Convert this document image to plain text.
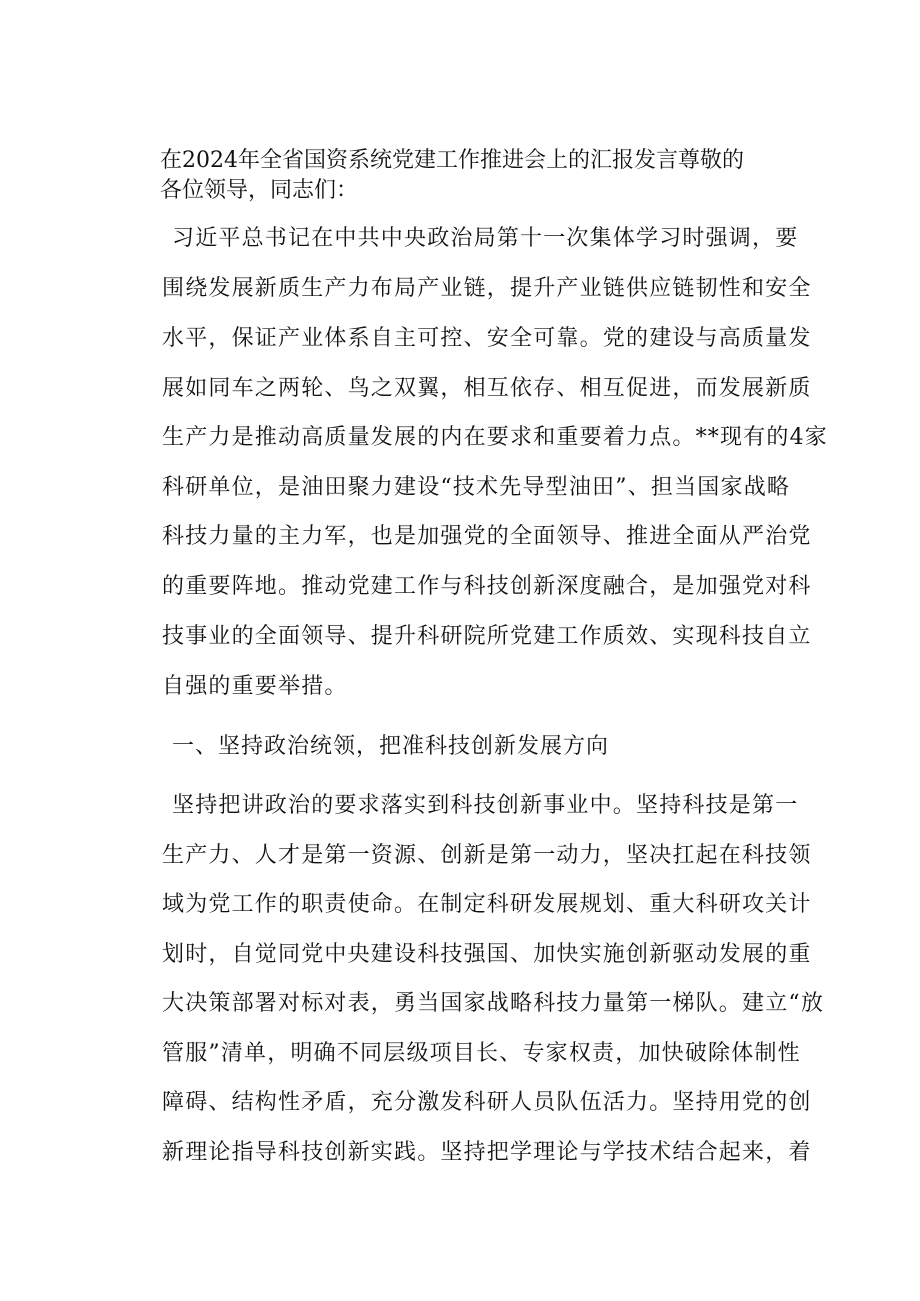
在2024年全省国资系统党建工作推进会上的汇报发言尊敬的
各位领导，同志们：
习近平总书记在中共中央政治局第十一次集体学习时强调，要
围绕发展新质生产力布局产业链，提升产业链供应链韧性和安全
水平，保证产业体系自主可控、安全可靠。党的建设与高质量发
展如同车之两轮、鸟之双翼，相互依存、相互促进，而发展新质
生产力是推动高质量发展的内在要求和重要着力点。**现有的4家
科研单位，是油田聚力建设“技术先导型油田”、担当国家战略
科技力量的主力军，也是加强党的全面领导、推进全面从严治党
的重要阵地。推动党建工作与科技创新深度融合，是加强党对科
技事业的全面领导、提升科研院所党建工作质效、实现科技自立
自强的重要举措。
一、坚持政治统领，把准科技创新发展方向
坚持把讲政治的要求落实到科技创新事业中。坚持科技是第一
生产力、人才是第一资源、创新是第一动力，坚决扛起在科技领
域为党工作的职责使命。在制定科研发展规划、重大科研攻关计
划时，自觉同党中央建设科技强国、加快实施创新驱动发展的重
大决策部署对标对表，勇当国家战略科技力量第一梯队。建立“放
管服”清单，明确不同层级项目长、专家权责，加快破除体制性
障碍、结构性矛盾，充分激发科研人员队伍活力。坚持用党的创
新理论指导科技创新实践。坚持把学理论与学技术结合起来，着
